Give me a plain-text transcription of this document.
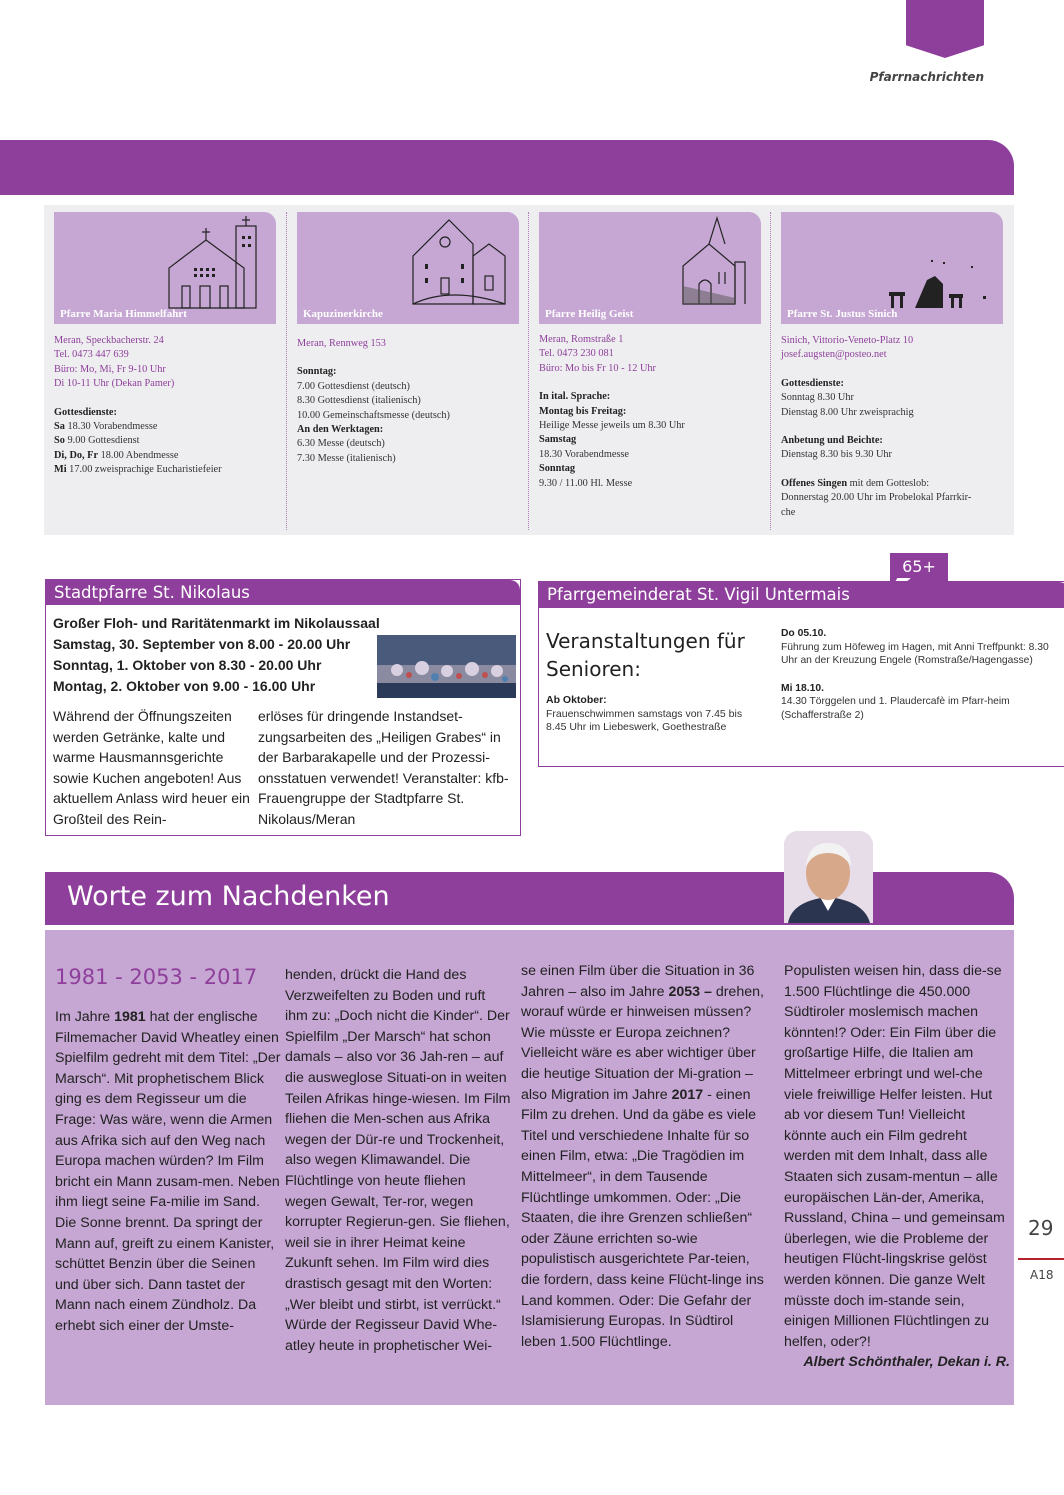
Pfarrnachrichten
Pfarre Maria Himmelfahrt
Meran, Speckbacherstr. 24
Tel. 0473 447 639
Büro: Mo, Mi, Fr 9-10 Uhr
Di 10-11 Uhr (Dekan Pamer)
Gottesdienste:
Sa 18.30 Vorabendmesse
So 9.00 Gottesdienst
Di, Do, Fr 18.00 Abendmesse
Mi 17.00 zweisprachige Eucharistiefeier
Kapuzinerkirche
Meran, Rennweg 153
Sonntag:
7.00 Gottesdienst (deutsch)
8.30 Gottesdienst (italienisch)
10.00 Gemeinschaftsmesse (deutsch)
An den Werktagen:
6.30 Messe (deutsch)
7.30 Messe (italienisch)
Pfarre Heilig Geist
Meran, Romstraße 1
Tel. 0473 230 081
Büro: Mo bis Fr 10 - 12 Uhr
In ital. Sprache:
Montag bis Freitag:
Heilige Messe jeweils um 8.30 Uhr
Samstag
18.30 Vorabendmesse
Sonntag
9.30 / 11.00 Hl. Messe
Pfarre St. Justus Sinich
Sinich, Vittorio-Veneto-Platz 10
josef.augsten@posteo.net
Gottesdienste:
Sonntag 8.30 Uhr
Dienstag 8.00 Uhr zweisprachig
Anbetung und Beichte:
Dienstag 8.30 bis 9.30 Uhr
Offenes Singen mit dem Gotteslob:
Donnerstag 20.00 Uhr im Probelokal Pfarrkir-
che
Stadtpfarre St. Nikolaus
Großer Floh- und Raritätenmarkt im Nikolaussaal
Samstag, 30. September von 8.00 - 20.00 Uhr
Sonntag, 1. Oktober von 8.30 - 20.00 Uhr
Montag, 2. Oktober von 9.00 - 16.00 Uhr
Während der Öffnungszeiten werden Getränke, kalte und warme Hausmannsgerichte sowie Kuchen angeboten! Aus aktuellem Anlass wird heuer ein Großteil des Rein-
erlöses für dringende Instandset-zungsarbeiten des „Heiligen Grabes“ in der Barbarakapelle und der Prozessi-onsstatuen verwendet! Veranstalter: kfb-Frauengruppe der Stadtpfarre St. Nikolaus/Meran
65+
Pfarrgemeinderat St. Vigil Untermais
Veranstaltungen für
Senioren:
Ab Oktober:
Frauenschwimmen samstags von 7.45 bis 8.45 Uhr im Liebeswerk, Goethestraße
Do 05.10.
Führung zum Höfeweg im Hagen, mit Anni Treffpunkt: 8.30 Uhr an der Kreuzung Engele (Romstraße/Hagengasse)
Mi 18.10.
14.30 Törggelen und 1. Plaudercafè im Pfarr-heim (Schafferstraße 2)
Worte zum Nachdenken
1981 - 2053 - 2017
Im Jahre 1981 hat der englische Filmemacher David Wheatley einen Spielfilm gedreht mit dem Titel: „Der Marsch“. Mit prophetischem Blick ging es dem Regisseur um die Frage: Was wäre, wenn die Armen aus Afrika sich auf den Weg nach Europa machen würden? Im Film bricht ein Mann zusam-men. Neben ihm liegt seine Fa-milie im Sand. Die Sonne brennt. Da springt der Mann auf, greift zu einem Kanister, schüttet Benzin über die Seinen und über sich. Dann tastet der Mann nach einem Zündholz. Da erhebt sich einer der Umste-
henden, drückt die Hand des Verzweifelten zu Boden und ruft ihm zu: „Doch nicht die Kinder“. Der Spielfilm „Der Marsch“ hat schon damals – also vor 36 Jah-ren – auf die ausweglose Situati-on in weiten Teilen Afrikas hinge-wiesen. Im Film fliehen die Men-schen aus Afrika wegen der Dür-re und Trockenheit, also wegen Klimawandel. Die Flüchtlinge von heute fliehen wegen Gewalt, Ter-ror, wegen korrupter Regierun-gen. Sie fliehen, weil sie in ihrer Heimat keine Zukunft sehen. Im Film wird dies drastisch gesagt mit den Worten: „Wer bleibt und stirbt, ist verrückt.“ Würde der Regisseur David Whe-atley heute in prophetischer Wei-
se einen Film über die Situation in 36 Jahren – also im Jahre 2053 – drehen, worauf würde er hinweisen müssen? Wie müsste er Europa zeichnen? Vielleicht wäre es aber wichtiger über die heutige Situation der Mi-gration – also Migration im Jahre 2017 - einen Film zu drehen. Und da gäbe es viele Titel und verschiedene Inhalte für so einen Film, etwa: „Die Tragödien im Mittelmeer“, in dem Tausende Flüchtlinge umkommen. Oder: „Die Staaten, die ihre Grenzen schließen“ oder Zäune errichten so-wie populistisch ausgerichtete Par-teien, die fordern, dass keine Flücht-linge ins Land kommen. Oder: Die Gefahr der Islamisierung Europas. In Südtirol leben 1.500 Flüchtlinge.
Populisten weisen hin, dass die-se 1.500 Flüchtlinge die 450.000 Südtiroler moslemisch machen könnten!? Oder: Ein Film über die großartige Hilfe, die Italien am Mittelmeer erbringt und wel-che viele freiwillige Helfer leisten. Hut ab vor diesem Tun! Vielleicht könnte auch ein Film gedreht werden mit dem Inhalt, dass alle Staaten sich zusam-mentun – alle europäischen Län-der, Amerika, Russland, China – und gemeinsam überlegen, wie die Probleme der heutigen Flücht-lingskrise gelöst werden können. Die ganze Welt müsste doch im-stande sein, einigen Millionen Flüchtlingen zu helfen, oder?!
Albert Schönthaler, Dekan i. R.
29
A18
